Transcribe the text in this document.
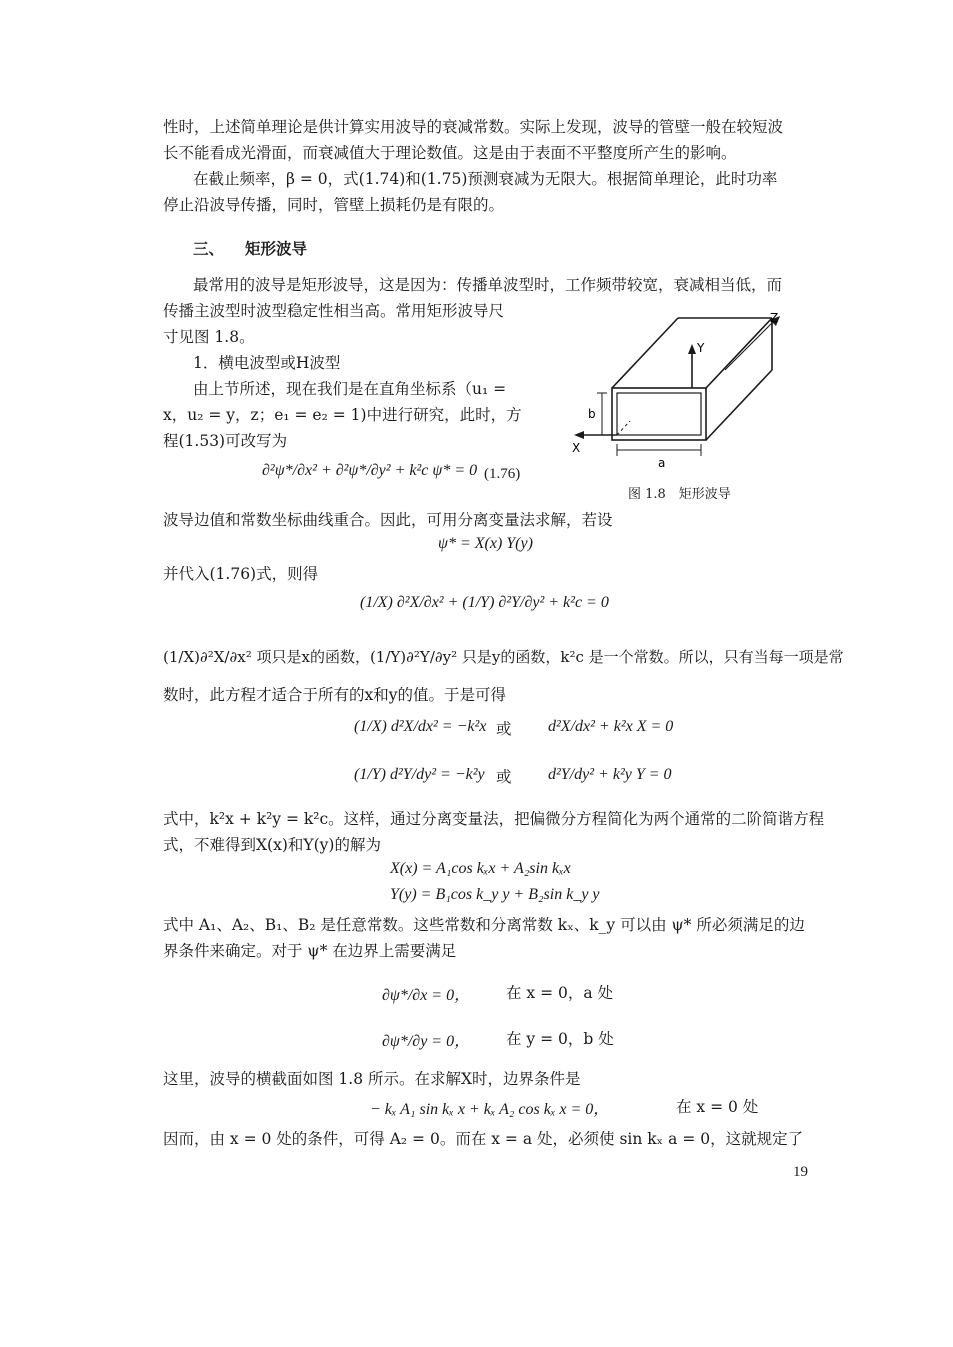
性时，上述简单理论是供计算实用波导的衰减常数。实际上发现，波导的管壁一般在较短波
长不能看成光滑面，而衰减值大于理论数值。这是由于表面不平整度所产生的影响。
在截止频率，β = 0，式(1.74)和(1.75)预测衰减为无限大。根据简单理论，此时功率
停止沿波导传播，同时，管壁上损耗仍是有限的。
三、 矩形波导
最常用的波导是矩形波导，这是因为：传播单波型时，工作频带较宽，衰减相当低，而
传播主波型时波型稳定性相当高。常用矩形波导尺
寸见图 1.8。
1．横电波型或H波型
由上节所述，现在我们是在直角坐标系（u₁ =
x，u₂ = y，z；e₁ = e₂ = 1)中进行研究，此时，方
程(1.53)可改写为
∂²ψ*/∂x² + ∂²ψ*/∂y² + k²c ψ* = 0 (1.76)
Z
Y
X
a
b
图 1.8　矩形波导
波导边值和常数坐标曲线重合。因此，可用分离变量法求解，若设
ψ* = X(x) Y(y)
并代入(1.76)式，则得
(1/X) ∂²X/∂x² + (1/Y) ∂²Y/∂y² + k²c = 0
(1/X)∂²X/∂x² 项只是x的函数，(1/Y)∂²Y/∂y² 只是y的函数，k²c 是一个常数。所以，只有当每一项是常
数时，此方程才适合于所有的x和y的值。于是可得
(1/X) d²X/dx² = −k²x 或 d²X/dx² + k²x X = 0
(1/Y) d²Y/dy² = −k²y 或 d²Y/dy² + k²y Y = 0
式中，k²x + k²y = k²c。这样，通过分离变量法，把偏微分方程简化为两个通常的二阶简谐方程
式，不难得到X(x)和Y(y)的解为
X(x) = A₁cos kₓx + A₂sin kₓx
Y(y) = B₁cos k_y y + B₂sin k_y y
式中 A₁、A₂、B₁、B₂ 是任意常数。这些常数和分离常数 kₓ、k_y 可以由 ψ* 所必须满足的边
界条件来确定。对于 ψ* 在边界上需要满足
∂ψ*/∂x = 0， 在 x = 0，a 处
∂ψ*/∂y = 0， 在 y = 0，b 处
这里，波导的横截面如图 1.8 所示。在求解X时，边界条件是
− kₓ A₁ sin kₓ x + kₓ A₂ cos kₓ x = 0，	在 x = 0 处
因而，由 x = 0 处的条件，可得 A₂ = 0。而在 x = a 处，必须使 sin kₓ a = 0，这就规定了
19
